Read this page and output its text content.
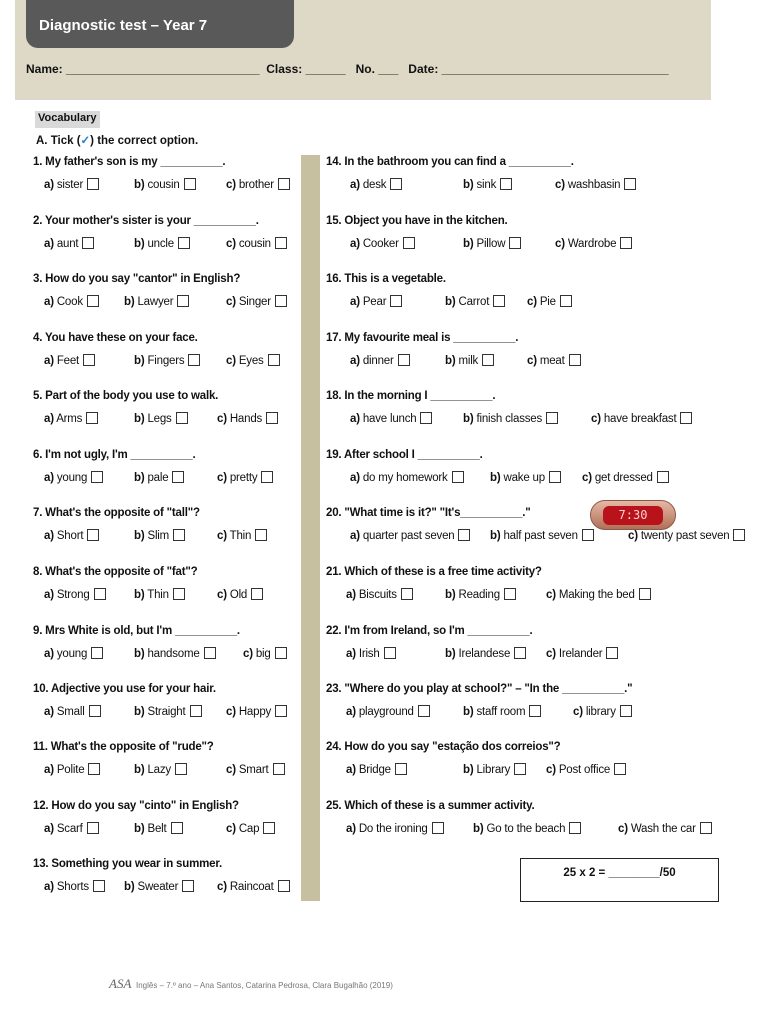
Diagnostic test – Year 7
Name: _____________________________  Class: ______   No. ___   Date: __________________________________
Vocabulary
A. Tick (✓) the correct option.
1. My father's son is my __________.
a) sister	b) cousin	c) brother
2. Your mother's sister is your __________.
a) aunt	b) uncle	c) cousin
3. How do you say "cantor" in English?
a) Cook	b) Lawyer	c) Singer
4. You have these on your face.
a) Feet	b) Fingers	c) Eyes
5. Part of the body you use to walk.
a) Arms	b) Legs	c) Hands
6. I'm not ugly, I'm __________.
a) young	b) pale	c) pretty
7. What's the opposite of "tall"?
a) Short	b) Slim	c) Thin
8. What's the opposite of "fat"?
a) Strong	b) Thin	c) Old
9. Mrs White is old, but I'm __________.
a) young	b) handsome	c) big
10. Adjective you use for your hair.
a) Small	b) Straight	c) Happy
11. What's the opposite of "rude"?
a) Polite	b) Lazy	c) Smart
12. How do you say "cinto" in English?
a) Scarf	b) Belt	c) Cap
13. Something you wear in summer.
a) Shorts	b) Sweater	c) Raincoat
14. In the bathroom you can find a __________.
a) desk	b) sink	c) washbasin
15. Object you have in the kitchen.
a) Cooker	b) Pillow	c) Wardrobe
16. This is a vegetable.
a) Pear	b) Carrot	c) Pie
17. My favourite meal is __________.
a) dinner	b) milk	c) meat
18. In the morning I __________.
a) have lunch	b) finish classes	c) have breakfast
19. After school I __________.
a) do my homework	b) wake up	c) get dressed
20. "What time is it?" "It's__________."
a) quarter past seven	b) half past seven	c) twenty past seven
21. Which of these is a free time activity?
a) Biscuits	b) Reading	c) Making the bed
22. I'm from Ireland, so I'm __________.
a) Irish	b) Irelandese	c) Irelander
23. "Where do you play at school?" – "In the __________."
a) playground	b) staff room	c) library
24. How do you say "estação dos correios"?
a) Bridge	b) Library	c) Post office
25. Which of these is a summer activity.
a) Do the ironing	b) Go to the beach	c) Wash the car
7:30
25 x 2 = ________/50
ASA Inglês – 7.º ano – Ana Santos, Catarina Pedrosa, Clara Bugalhão (2019)
